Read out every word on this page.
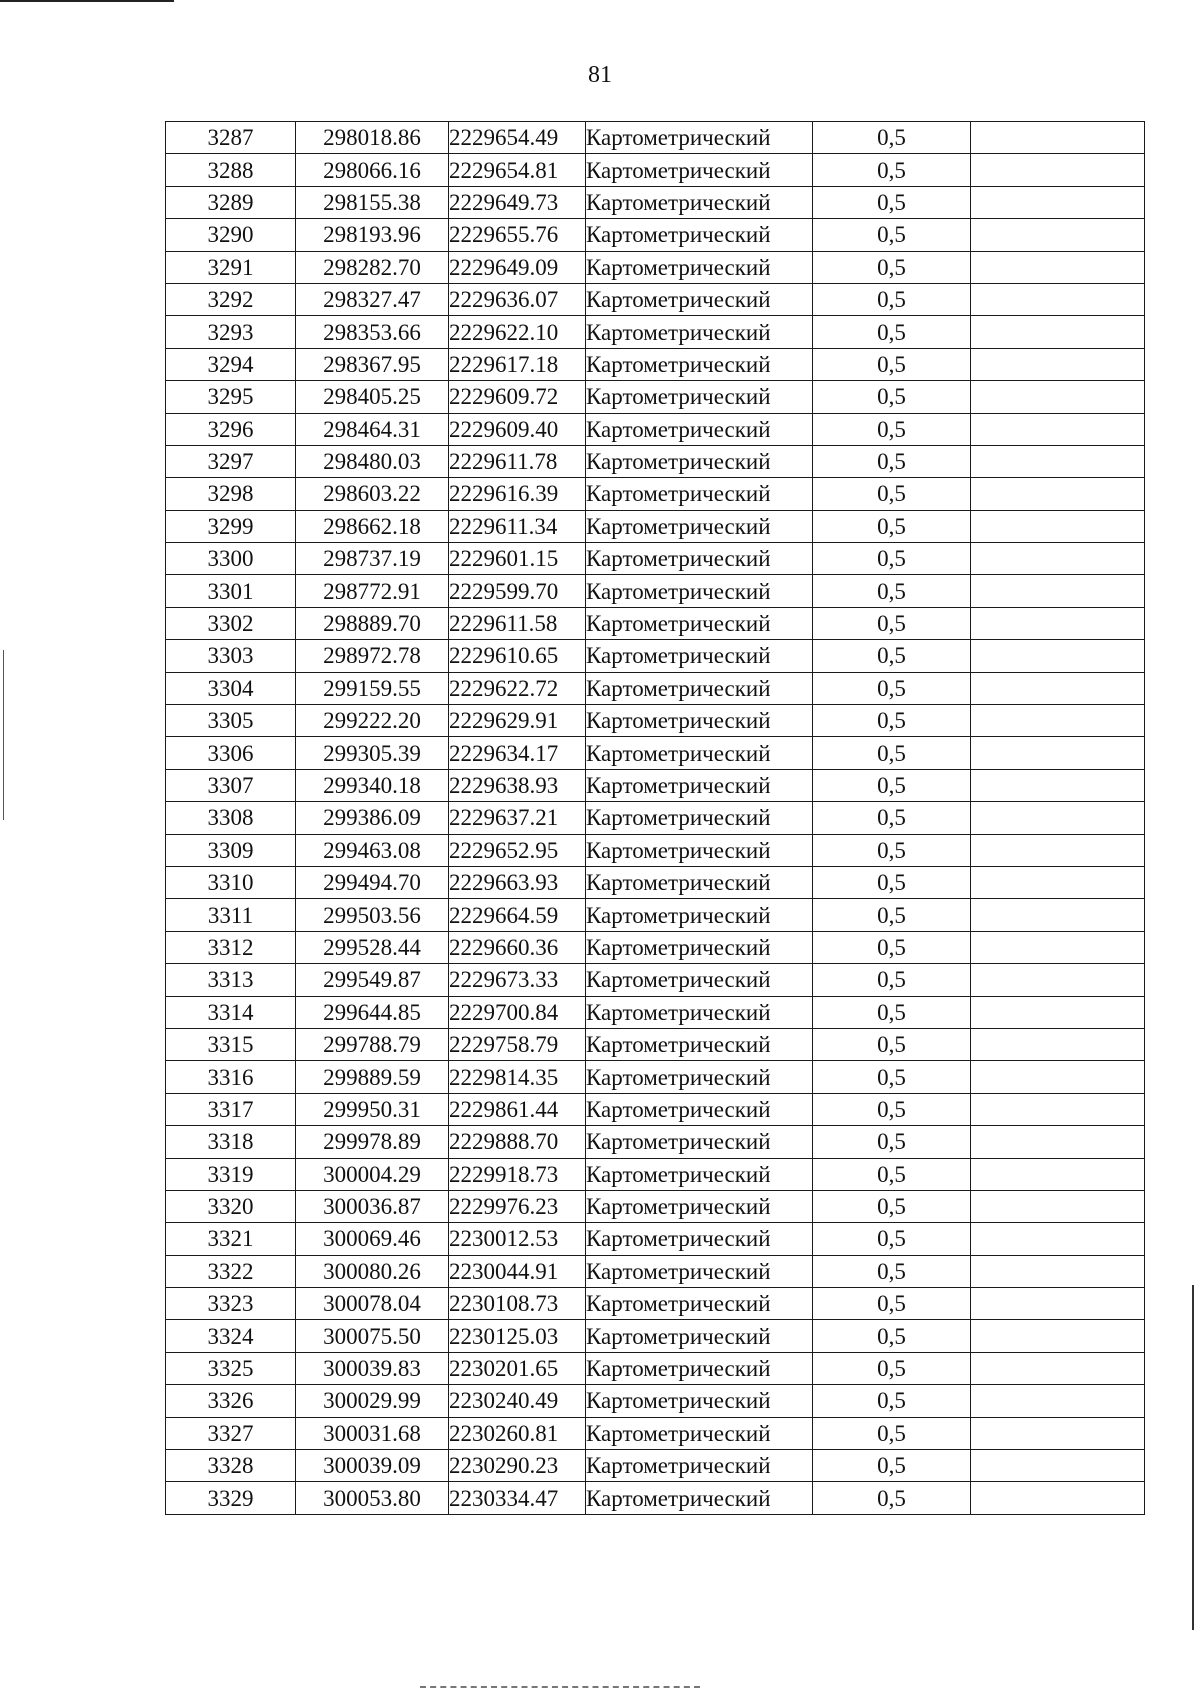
81
3287	298018.86	2229654.49	Картометрический	0,5	
3288	298066.16	2229654.81	Картометрический	0,5	
3289	298155.38	2229649.73	Картометрический	0,5	
3290	298193.96	2229655.76	Картометрический	0,5	
3291	298282.70	2229649.09	Картометрический	0,5	
3292	298327.47	2229636.07	Картометрический	0,5	
3293	298353.66	2229622.10	Картометрический	0,5	
3294	298367.95	2229617.18	Картометрический	0,5	
3295	298405.25	2229609.72	Картометрический	0,5	
3296	298464.31	2229609.40	Картометрический	0,5	
3297	298480.03	2229611.78	Картометрический	0,5	
3298	298603.22	2229616.39	Картометрический	0,5	
3299	298662.18	2229611.34	Картометрический	0,5	
3300	298737.19	2229601.15	Картометрический	0,5	
3301	298772.91	2229599.70	Картометрический	0,5	
3302	298889.70	2229611.58	Картометрический	0,5	
3303	298972.78	2229610.65	Картометрический	0,5	
3304	299159.55	2229622.72	Картометрический	0,5	
3305	299222.20	2229629.91	Картометрический	0,5	
3306	299305.39	2229634.17	Картометрический	0,5	
3307	299340.18	2229638.93	Картометрический	0,5	
3308	299386.09	2229637.21	Картометрический	0,5	
3309	299463.08	2229652.95	Картометрический	0,5	
3310	299494.70	2229663.93	Картометрический	0,5	
3311	299503.56	2229664.59	Картометрический	0,5	
3312	299528.44	2229660.36	Картометрический	0,5	
3313	299549.87	2229673.33	Картометрический	0,5	
3314	299644.85	2229700.84	Картометрический	0,5	
3315	299788.79	2229758.79	Картометрический	0,5	
3316	299889.59	2229814.35	Картометрический	0,5	
3317	299950.31	2229861.44	Картометрический	0,5	
3318	299978.89	2229888.70	Картометрический	0,5	
3319	300004.29	2229918.73	Картометрический	0,5	
3320	300036.87	2229976.23	Картометрический	0,5	
3321	300069.46	2230012.53	Картометрический	0,5	
3322	300080.26	2230044.91	Картометрический	0,5	
3323	300078.04	2230108.73	Картометрический	0,5	
3324	300075.50	2230125.03	Картометрический	0,5	
3325	300039.83	2230201.65	Картометрический	0,5	
3326	300029.99	2230240.49	Картометрический	0,5	
3327	300031.68	2230260.81	Картометрический	0,5	
3328	300039.09	2230290.23	Картометрический	0,5	
3329	300053.80	2230334.47	Картометрический	0,5	
